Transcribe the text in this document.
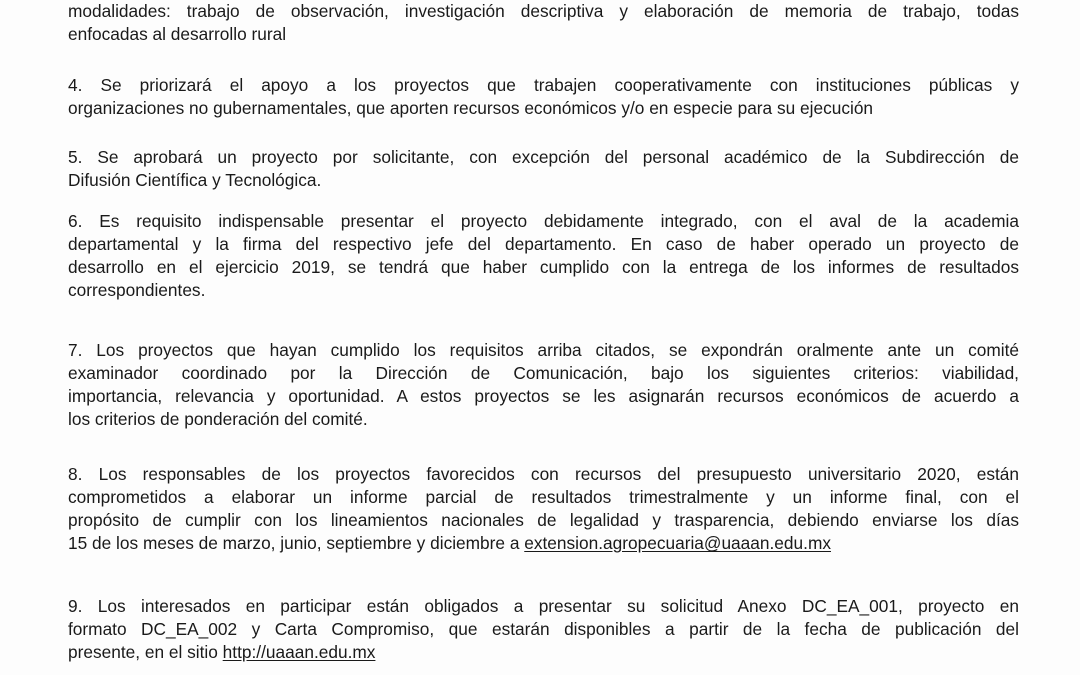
modalidades: trabajo de observación, investigación descriptiva y elaboración de memoria de trabajo, todas
enfocadas al desarrollo rural
4. Se priorizará el apoyo a los proyectos que trabajen cooperativamente con instituciones públicas y
organizaciones no gubernamentales, que aporten recursos económicos y/o en especie para su ejecución
5. Se aprobará un proyecto por solicitante, con excepción del personal académico de la Subdirección de
Difusión Científica y Tecnológica.
6. Es requisito indispensable presentar el proyecto debidamente integrado, con el aval de la academia
departamental y la firma del respectivo jefe del departamento. En caso de haber operado un proyecto de
desarrollo en el ejercicio 2019, se tendrá que haber cumplido con la entrega de los informes de resultados
correspondientes.
7. Los proyectos que hayan cumplido los requisitos arriba citados, se expondrán oralmente ante un comité
examinador coordinado por la Dirección de Comunicación, bajo los siguientes criterios: viabilidad,
importancia, relevancia y oportunidad. A estos proyectos se les asignarán recursos económicos de acuerdo a
los criterios de ponderación del comité.
8. Los responsables de los proyectos favorecidos con recursos del presupuesto universitario 2020, están
comprometidos a elaborar un informe parcial de resultados trimestralmente y un informe final, con el
propósito de cumplir con los lineamientos nacionales de legalidad y trasparencia, debiendo enviarse los días
15 de los meses de marzo, junio, septiembre y diciembre a extension.agropecuaria@uaaan.edu.mx
9. Los interesados en participar están obligados a presentar su solicitud Anexo DC_EA_001, proyecto en
formato DC_EA_002 y Carta Compromiso, que estarán disponibles a partir de la fecha de publicación del
presente, en el sitio http://uaaan.edu.mx
